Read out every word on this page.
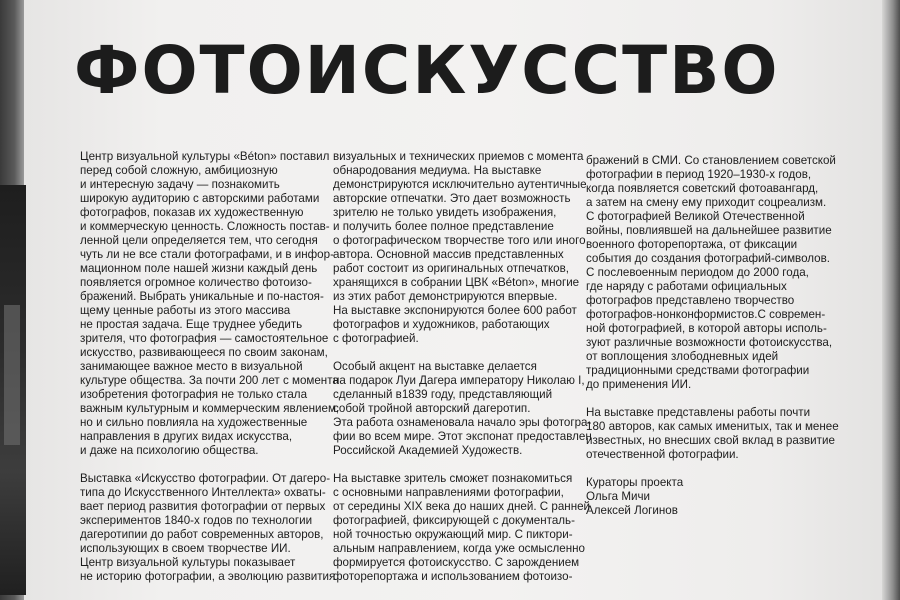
ФОТОИСКУССТВО

Центр визуальной культуры «Béton» поставил
перед собой сложную, амбициозную
и интересную задачу — познакомить
широкую аудиторию с авторскими работами
фотографов, показав их художественную
и коммерческую ценность. Сложность постав-
ленной цели определяется тем, что сегодня
чуть ли не все стали фотографами, и в инфор-
мационном поле нашей жизни каждый день
появляется огромное количество фотоизо-
бражений. Выбрать уникальные и по-настоя-
щему ценные работы из этого массива
не простая задача. Еще труднее убедить
зрителя, что фотография — самостоятельное
искусство, развивающееся по своим законам,
занимающее важное место в визуальной
культуре общества. За почти 200 лет с момента
изобретения фотография не только стала
важным культурным и коммерческим явлением,
но и сильно повлияла на художественные
направления в других видах искусства,
и даже на психологию общества.

Выставка «Искусство фотографии. От дагерo-
типа до Искусственного Интеллекта» охваты-
вает период развития фотографии от первых
экспериментов 1840-х годов по технологии
дагеротипии до работ современных авторов,
использующих в своем творчестве ИИ.
Центр визуальной культуры показывает
не историю фотографии, а эволюцию развития

визуальных и технических приемов с момента
обнародования медиума. На выставке
демонстрируются исключительно аутентичные
авторские отпечатки. Это дает возможность
зрителю не только увидеть изображения,
и получить более полное представление
о фотографическом творчестве того или иного
автора. Основной массив представленных
работ состоит из оригинальных отпечатков,
хранящихся в собрании ЦВК «Béton», многие
из этих работ демонстрируются впервые.
На выставке экспонируются более 600 работ
фотографов и художников, работающих
с фотографией.

Особый акцент на выставке делается
на подарок Луи Дагера императору Николаю I,
сделанный в1839 году, представляющий
собой тройной авторский дагеротип.
Эта работа ознаменовала начало эры фотогра-
фии во всем мире. Этот экспонат предоставлен
Российской Академией Художеств.

На выставке зритель сможет познакомиться
с основными направлениями фотографии,
от середины XIX века до наших дней. С ранней
фотографией, фиксирующей с документаль-
ной точностью окружающий мир. С пиктори-
альным направлением, когда уже осмысленно
формируется фотоискусство. С зарождением
фоторепортажа и использованием фотоизо-

бражений в СМИ. Со становлением советской
фотографии в период 1920–1930-х годов,
когда появляется советский фотоавангард,
а затем на смену ему приходит соцреализм.
С фотографией Великой Отечественной
войны, повлиявшей на дальнейшее развитие
военного фоторепортажа, от фиксации
события до создания фотографий-символов.
С послевоенным периодом до 2000 года,
где наряду с работами официальных
фотографов представлено творчество
фотографов-нонконформистов.С современ-
ной фотографией, в которой авторы исполь-
зуют различные возможности фотоискусства,
от воплощения злободневных идей
традиционными средствами фотографии
до применения ИИ.

На выставке представлены работы почти
180 авторов, как самых именитых, так и менее
известных, но внесших свой вклад в развитие
отечественной фотографии.

Кураторы проекта
Ольга Мичи
Алексей Логинов
